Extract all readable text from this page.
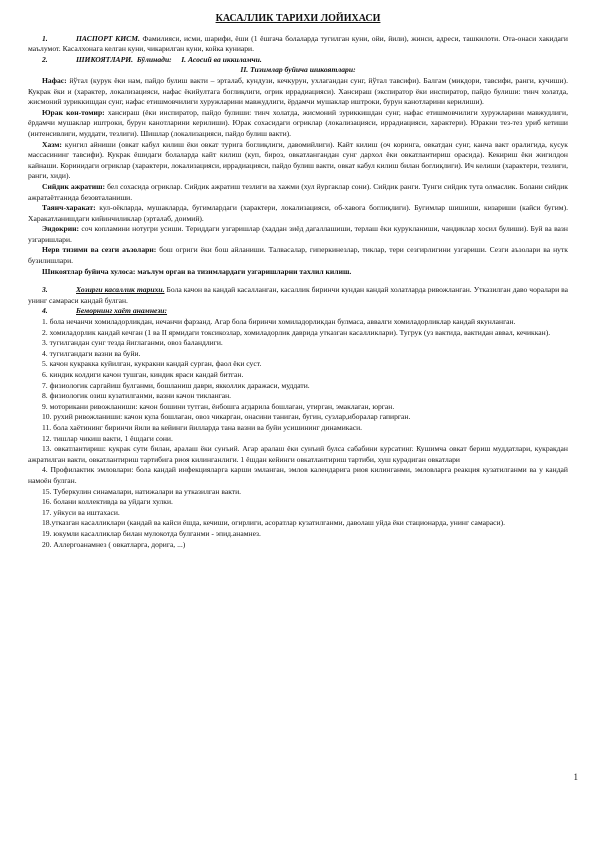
КАСАЛЛИК ТАРИХИ ЛОЙИХАСИ

1.	ПАСПОРТ КИСМ. Фамилияси, исми, шарифи, ёши (1 ёшгача болаларда тугилган куни, ойи, йили), жинси, адреси, ташкилоти. Ота-онаси хакидаги маълумот. Касалхонага келган куни, чикарилган куни, койка куниари.

2.	ШИКОЯТЛАРИ. Бўлинади: I. Асосий ва иккиламчи.

II. Тизимлар буйича шикоятлари:

Нафас: йўтал (курук ёки нам, пайдо булиш вакти – эрталаб, кундузи, кечкурун, ухлагандан сунг, йўтал тавсифи). Балгам (микдори, тавсифи, ранги, кучиши). Кукрак ёки и (характер, локализацияси, нафас ёкийултага боглиқлиги, огрик иррадиацияси). Хансираш (экспиратор ёки инспиратор, пайдо булиши: тинч холатда, жисмоний зуриккишдан сунг, нафас етишмовчилиги хуружларини мавжудлиги, ёрдамчи мушаклар иштроки, бурун канотларини керилиши).

Юрак кон-томир: хансираш (ёки инспиратор, пайдо булиши: тинч холатда, жисмоний зуриккишдан сунг, нафас етишмовчилиги хуружларини мавжудлиги, ёрдамчи мушаклар иштроки, бурун канотларини керилиши). Юрак сохасидаги огриклар (локализацияси, иррадиацияси, характери). Юракни тез-тез уриб кетиши (интенсивлиги, муддати, тезлиги). Шишлар (локализацияси, пайдо булиш вакти).

Хазм: кунгил айниши (овкат кабул килиш ёки овкат турига боглиқлиги, давомийлиги). Кайт килиш (оч коринга, овкатдан сунг, канча вакт оралигида, кусук массасининг тавсифи). Кукрак ёшидаги болаларда кайт килиш (куп, бирoз, овкатлангандан сунг дархол ёки овкатлантириш орасида). Кекириш ёки жигилдон кайнаши. Коринидаги огриклар (характери, локализацияси, иррадиацияси, пайдо булиш вакти, овкат кабул килиш билан боглиқлиги). Ич келиши (характери, тезлиги, ранги, хиди).

Сийдик ажратиш: бел сохасида огриклар. Сийдик ажратиш тезлиги ва хажми (хул йургаклар сони). Сийдик ранги. Тунги сийдик тута олмаслик. Болани сийдик ажратаётганида безовталаниши.

Таянч-харакат: кул-оёкларда, мушакларда, бугимлардаги (характери, локализацияси, об-хавога боглиқлиги). Бугимлар шишиши, кизариши (кайси бугим). Харакатланишдаги кийинчиликлар (эрталаб, доимий).

Эндокрин: соч копламини нотугри усиши. Териддаги узгаришлар (хаддан зиёд дагаллашиши, терлаш ёки курукланиши, чандиклар хосил булиши). Буй ва вазн узгаришлари.

Нерв тизими ва сезги аъзолари: бош огриги ёки бош айланиши. Талвасалар, гиперкинезлар, тиклар, тери сезгирлигини узгариши. Сезги аъзолари ва нутк бузилишлари.

Шикоятлар буйича хулоса: маълум орган ва тизимлардаги узгаришларни тахлил килиш.

3.	Хозирги касаллик тарихи. Бола качон ва кандай касалланган, касаллик биринчи кундан кандай холатларда ривожланган. Утказилган даво чоралари ва унинг самараси кандай булган.

4.	Беморнинг хаёт анамнези:

1. бола нечанчи хомиладорликдан, нечанчи фарзанд. Агар бола биринчи хомиладорликдан булмаса, аввалги хомиладорликлар кандай якунланган.

2. хомиладорлик кандай кечган (1 ва II ярмидаги токсикозлар, хомиладорлик даврида утказган касалликлари). Тугрук (уз вактида, вактидан аввал, кечиккан).

3. тугилгандан сунг тезда йиглаганми, овоз баландлиги.

4. тугилгандаги вазни ва буйи.

5. качон кукракка куйилган, кукракни кандай сурган, фаол ёки суст.

6. киндик колдиги качон тушган, киндик яраси кандай битган.

7. физиологик саргайиш булганми, бошланиш даври, якколлик даражаси, муддати.

8. физиологик озиш кузатилганми, вазни качон тикланган.

9. моторикани ривожланиши: качон бошини тутган, ёнбошга агдарила бошлаган, утирган, эмаклаган, юрган.

10. рухий ривожланиши: качон кула бошлаган, овоз чикарган, онасини таниган, бугин, сузлар,иборалар гапирган.

11. бола хаётининг биринчи йили ва кейинги йилларда тана вазни ва буйи усишининг динамикаси.

12. тишлар чикиш вакти, 1 ёшдаги сони.

13. овкатлантириш: кукрак сути билан, аралаш ёки сунъий. Агар аралаш ёки сунъий булса сабабини курсатинг. Кушимча овкат бериш муддатлари, кукракдан ажратилган вакти, овкатлантириш тартибига риоя килинганлиги. 1 ёшдан кейинги овкатлантириш тартиби, хуш курадиган овкатлари

4. Профилактик эмловлари: бола кандай инфекцияларга карши эмланган, эмлов календарига риоя килинганми, эмловларга реакция кузатилганми ва у кандай намоён булган.

15. Туберкулин синамалари, натижалари ва утказилган вакти.

16. болани коллективда ва уйдаги хулки.

17. уйкуси ва иштахаси.

18.утказган касалликлари (кандай ва кайси ёшда, кечиши, огирлиги, асоратлар кузатилганми, даволаш уйда ёки стационарда, унинг самараси).

19. юкумли касалликлар билан мулокотда булганми - эпид.анамнез.

20. Аллергоанамнез ( овкатларга, дорига, ...)

1
